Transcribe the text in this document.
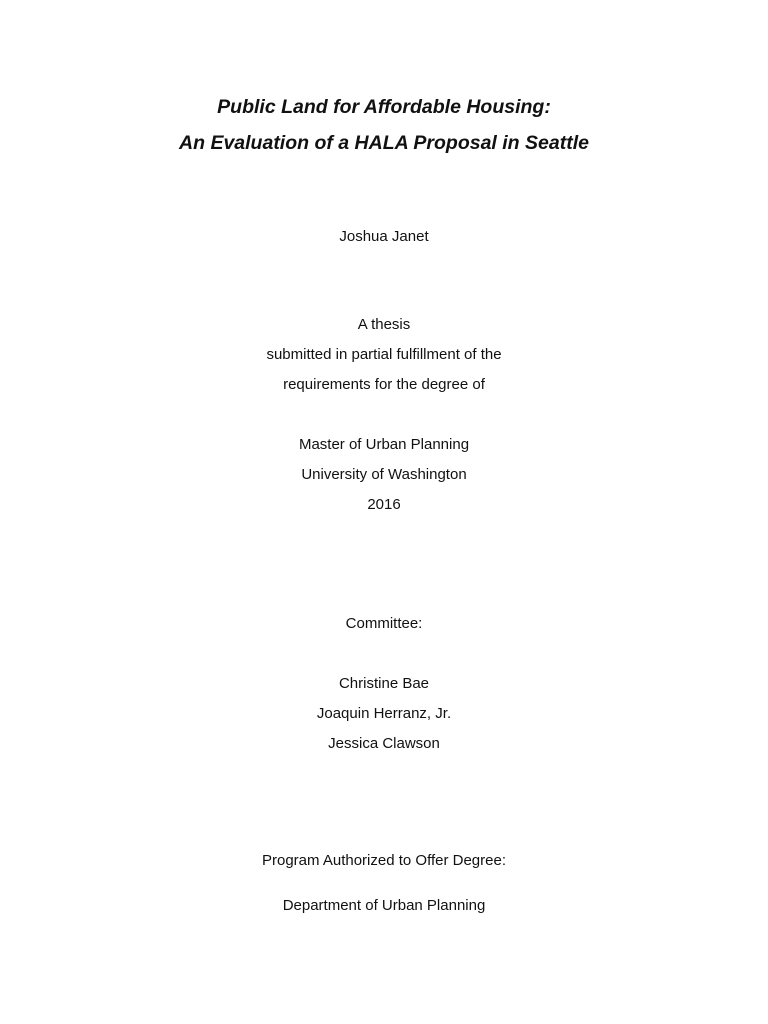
Public Land for Affordable Housing:
An Evaluation of a HALA Proposal in Seattle
Joshua Janet
A thesis
submitted in partial fulfillment of the
requirements for the degree of
Master of Urban Planning
University of Washington
2016
Committee:
Christine Bae
Joaquin Herranz, Jr.
Jessica Clawson
Program Authorized to Offer Degree:
Department of Urban Planning
